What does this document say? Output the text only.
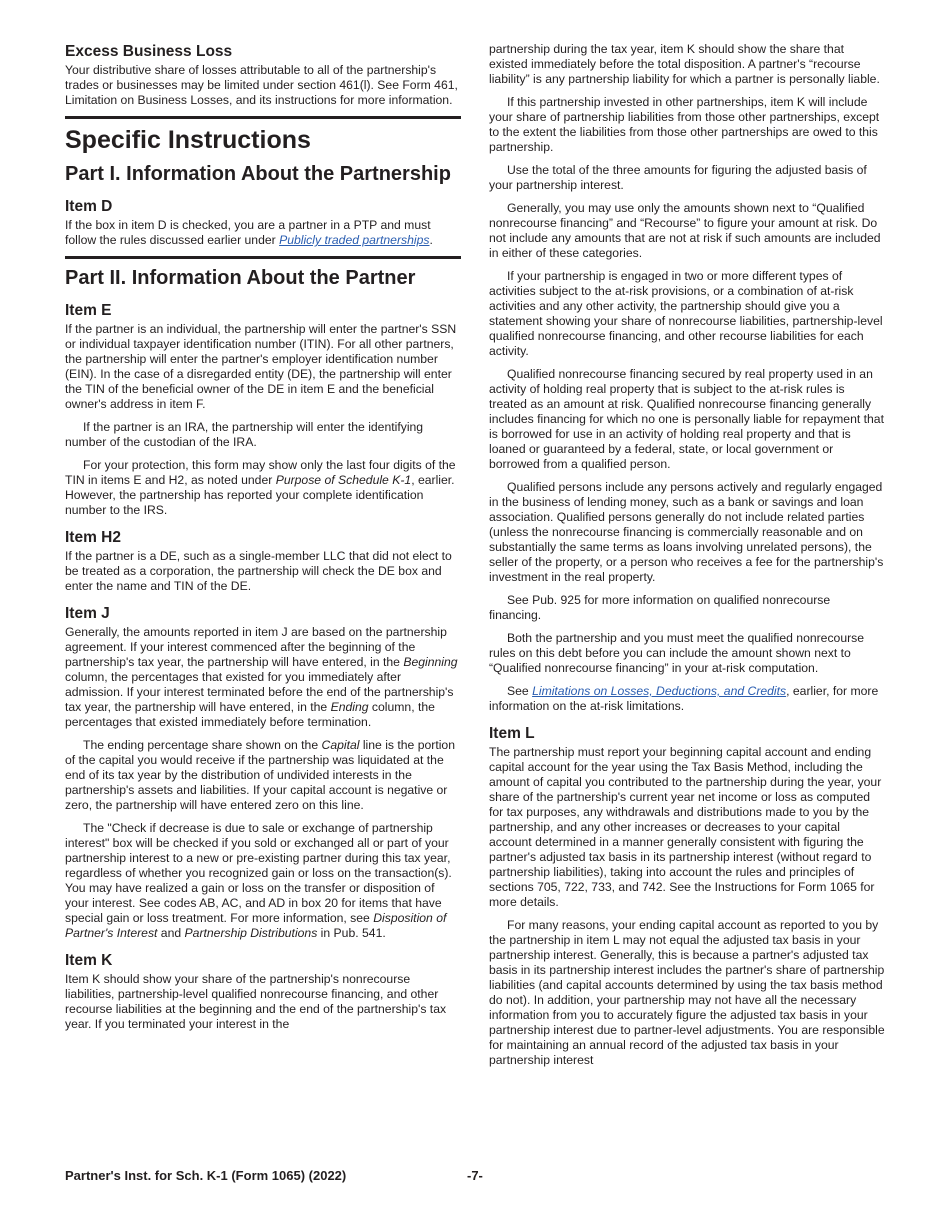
Excess Business Loss

Your distributive share of losses attributable to all of the partnership's trades or businesses may be limited under section 461(l). See Form 461, Limitation on Business Losses, and its instructions for more information.

Specific Instructions
Part I. Information About the Partnership
Item D

If the box in item D is checked, you are a partner in a PTP and must follow the rules discussed earlier under Publicly traded partnerships.

Part II. Information About the Partner
Item E

If the partner is an individual, the partnership will enter the partner's SSN or individual taxpayer identification number (ITIN). For all other partners, the partnership will enter the partner's employer identification number (EIN). In the case of a disregarded entity (DE), the partnership will enter the TIN of the beneficial owner of the DE in item E and the beneficial owner's address in item F.

If the partner is an IRA, the partnership will enter the identifying number of the custodian of the IRA.

For your protection, this form may show only the last four digits of the TIN in items E and H2, as noted under Purpose of Schedule K-1, earlier. However, the partnership has reported your complete identification number to the IRS.

Item H2

If the partner is a DE, such as a single-member LLC that did not elect to be treated as a corporation, the partnership will check the DE box and enter the name and TIN of the DE.

Item J

Generally, the amounts reported in item J are based on the partnership agreement. If your interest commenced after the beginning of the partnership's tax year, the partnership will have entered, in the Beginning column, the percentages that existed for you immediately after admission. If your interest terminated before the end of the partnership's tax year, the partnership will have entered, in the Ending column, the percentages that existed immediately before termination.

The ending percentage share shown on the Capital line is the portion of the capital you would receive if the partnership was liquidated at the end of its tax year by the distribution of undivided interests in the partnership's assets and liabilities. If your capital account is negative or zero, the partnership will have entered zero on this line.

The "Check if decrease is due to sale or exchange of partnership interest" box will be checked if you sold or exchanged all or part of your partnership interest to a new or pre-existing partner during this tax year, regardless of whether you recognized gain or loss on the transaction(s). You may have realized a gain or loss on the transfer or disposition of your interest. See codes AB, AC, and AD in box 20 for items that have special gain or loss treatment. For more information, see Disposition of Partner's Interest and Partnership Distributions in Pub. 541.

Item K

Item K should show your share of the partnership's nonrecourse liabilities, partnership-level qualified nonrecourse financing, and other recourse liabilities at the beginning and the end of the partnership's tax year. If you terminated your interest in the

partnership during the tax year, item K should show the share that existed immediately before the total disposition. A partner's “recourse liability” is any partnership liability for which a partner is personally liable.

If this partnership invested in other partnerships, item K will include your share of partnership liabilities from those other partnerships, except to the extent the liabilities from those other partnerships are owed to this partnership.

Use the total of the three amounts for figuring the adjusted basis of your partnership interest.

Generally, you may use only the amounts shown next to “Qualified nonrecourse financing” and “Recourse” to figure your amount at risk. Do not include any amounts that are not at risk if such amounts are included in either of these categories.

If your partnership is engaged in two or more different types of activities subject to the at-risk provisions, or a combination of at-risk activities and any other activity, the partnership should give you a statement showing your share of nonrecourse liabilities, partnership-level qualified nonrecourse financing, and other recourse liabilities for each activity.

Qualified nonrecourse financing secured by real property used in an activity of holding real property that is subject to the at-risk rules is treated as an amount at risk. Qualified nonrecourse financing generally includes financing for which no one is personally liable for repayment that is borrowed for use in an activity of holding real property and that is loaned or guaranteed by a federal, state, or local government or borrowed from a qualified person.

Qualified persons include any persons actively and regularly engaged in the business of lending money, such as a bank or savings and loan association. Qualified persons generally do not include related parties (unless the nonrecourse financing is commercially reasonable and on substantially the same terms as loans involving unrelated persons), the seller of the property, or a person who receives a fee for the partnership's investment in the real property.

See Pub. 925 for more information on qualified nonrecourse financing.

Both the partnership and you must meet the qualified nonrecourse rules on this debt before you can include the amount shown next to “Qualified nonrecourse financing” in your at-risk computation.

See Limitations on Losses, Deductions, and Credits, earlier, for more information on the at-risk limitations.

Item L

The partnership must report your beginning capital account and ending capital account for the year using the Tax Basis Method, including the amount of capital you contributed to the partnership during the year, your share of the partnership's current year net income or loss as computed for tax purposes, any withdrawals and distributions made to you by the partnership, and any other increases or decreases to your capital account determined in a manner generally consistent with figuring the partner's adjusted tax basis in its partnership interest (without regard to partnership liabilities), taking into account the rules and principles of sections 705, 722, 733, and 742. See the Instructions for Form 1065 for more details.

For many reasons, your ending capital account as reported to you by the partnership in item L may not equal the adjusted tax basis in your partnership interest. Generally, this is because a partner's adjusted tax basis in its partnership interest includes the partner's share of partnership liabilities (and capital accounts determined by using the tax basis method do not). In addition, your partnership may not have all the necessary information from you to accurately figure the adjusted tax basis in your partnership interest due to partner-level adjustments. You are responsible for maintaining an annual record of the adjusted tax basis in your partnership interest

Partner's Inst. for Sch. K-1 (Form 1065) (2022)	-7-
